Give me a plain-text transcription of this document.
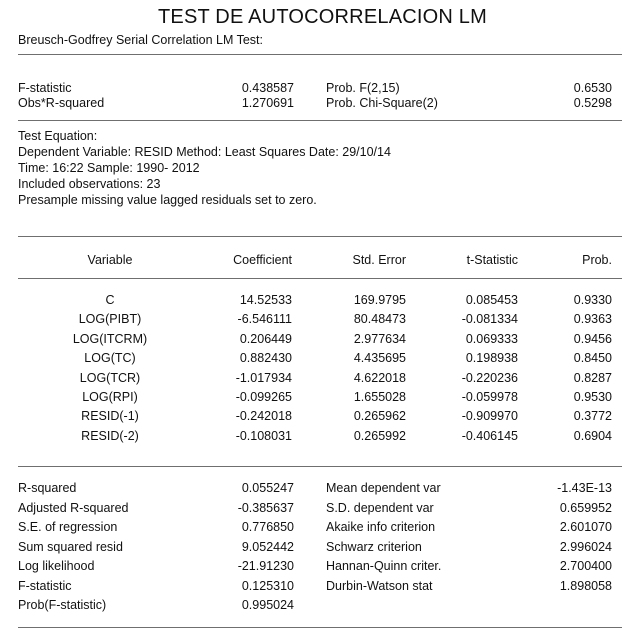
TEST DE AUTOCORRELACION LM
Breusch-Godfrey Serial Correlation LM Test:
F-statistic	0.438587	Prob. F(2,15)	0.6530
Obs*R-squared	1.270691	Prob. Chi-Square(2)	0.5298
Test Equation:
Dependent Variable: RESID Method: Least Squares Date: 29/10/14
Time: 16:22 Sample: 1990- 2012
Included observations: 23
Presample missing value lagged residuals set to zero.
Variable	Coefficient	Std. Error	t-Statistic	Prob.
C	14.52533	169.9795	0.085453	0.9330
LOG(PIBT)	-6.546111	80.48473	-0.081334	0.9363
LOG(ITCRM)	0.206449	2.977634	0.069333	0.9456
LOG(TC)	0.882430	4.435695	0.198938	0.8450
LOG(TCR)	-1.017934	4.622018	-0.220236	0.8287
LOG(RPI)	-0.099265	1.655028	-0.059978	0.9530
RESID(-1)	-0.242018	0.265962	-0.909970	0.3772
RESID(-2)	-0.108031	0.265992	-0.406145	0.6904
R-squared	0.055247	Mean dependent var	-1.43E-13
Adjusted R-squared	-0.385637	S.D. dependent var	0.659952
S.E. of regression	0.776850	Akaike info criterion	2.601070
Sum squared resid	9.052442	Schwarz criterion	2.996024
Log likelihood	-21.91230	Hannan-Quinn criter.	2.700400
F-statistic	0.125310	Durbin-Watson stat	1.898058
Prob(F-statistic)	0.995024
